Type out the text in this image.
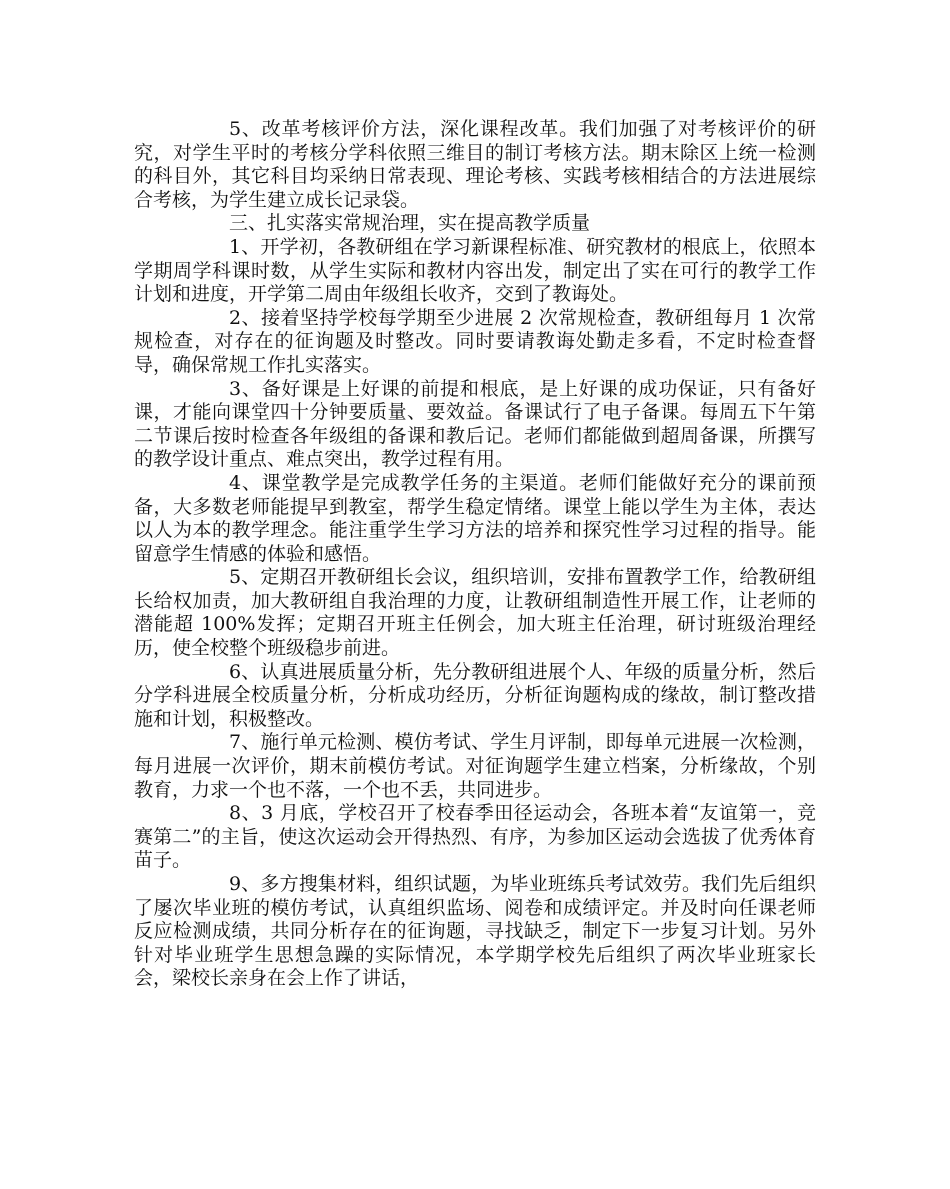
5、改革考核评价方法，深化课程改革。我们加强了对考核评价的研究，对学生平时的考核分学科依照三维目的制订考核方法。期末除区上统一检测的科目外，其它科目均采纳日常表现、理论考核、实践考核相结合的方法进展综合考核，为学生建立成长记录袋。

三、扎实落实常规治理，实在提高教学质量

1、开学初，各教研组在学习新课程标准、研究教材的根底上，依照本学期周学科课时数，从学生实际和教材内容出发，制定出了实在可行的教学工作计划和进度，开学第二周由年级组长收齐，交到了教诲处。

2、接着坚持学校每学期至少进展 2 次常规检查，教研组每月 1 次常规检查，对存在的征询题及时整改。同时要请教诲处勤走多看，不定时检查督导，确保常规工作扎实落实。

3、备好课是上好课的前提和根底，是上好课的成功保证，只有备好课，才能向课堂四十分钟要质量、要效益。备课试行了电子备课。每周五下午第二节课后按时检查各年级组的备课和教后记。老师们都能做到超周备课，所撰写的教学设计重点、难点突出，教学过程有用。

4、课堂教学是完成教学任务的主渠道。老师们能做好充分的课前预备，大多数老师能提早到教室，帮学生稳定情绪。课堂上能以学生为主体，表达以人为本的教学理念。能注重学生学习方法的培养和探究性学习过程的指导。能留意学生情感的体验和感悟。

5、定期召开教研组长会议，组织培训，安排布置教学工作，给教研组长给权加责，加大教研组自我治理的力度，让教研组制造性开展工作，让老师的潜能超 100%发挥；定期召开班主任例会，加大班主任治理，研讨班级治理经历，使全校整个班级稳步前进。

6、认真进展质量分析，先分教研组进展个人、年级的质量分析，然后分学科进展全校质量分析，分析成功经历，分析征询题构成的缘故，制订整改措施和计划，积极整改。

7、施行单元检测、模仿考试、学生月评制，即每单元进展一次检测，每月进展一次评价，期末前模仿考试。对征询题学生建立档案，分析缘故，个别教育，力求一个也不落，一个也不丢，共同进步。

8、3 月底，学校召开了校春季田径运动会，各班本着“友谊第一，竞赛第二”的主旨，使这次运动会开得热烈、有序，为参加区运动会选拔了优秀体育苗子。

9、多方搜集材料，组织试题，为毕业班练兵考试效劳。我们先后组织了屡次毕业班的模仿考试，认真组织监场、阅卷和成绩评定。并及时向任课老师反应检测成绩，共同分析存在的征询题，寻找缺乏，制定下一步复习计划。另外针对毕业班学生思想急躁的实际情况，本学期学校先后组织了两次毕业班家长会，梁校长亲身在会上作了讲话，
